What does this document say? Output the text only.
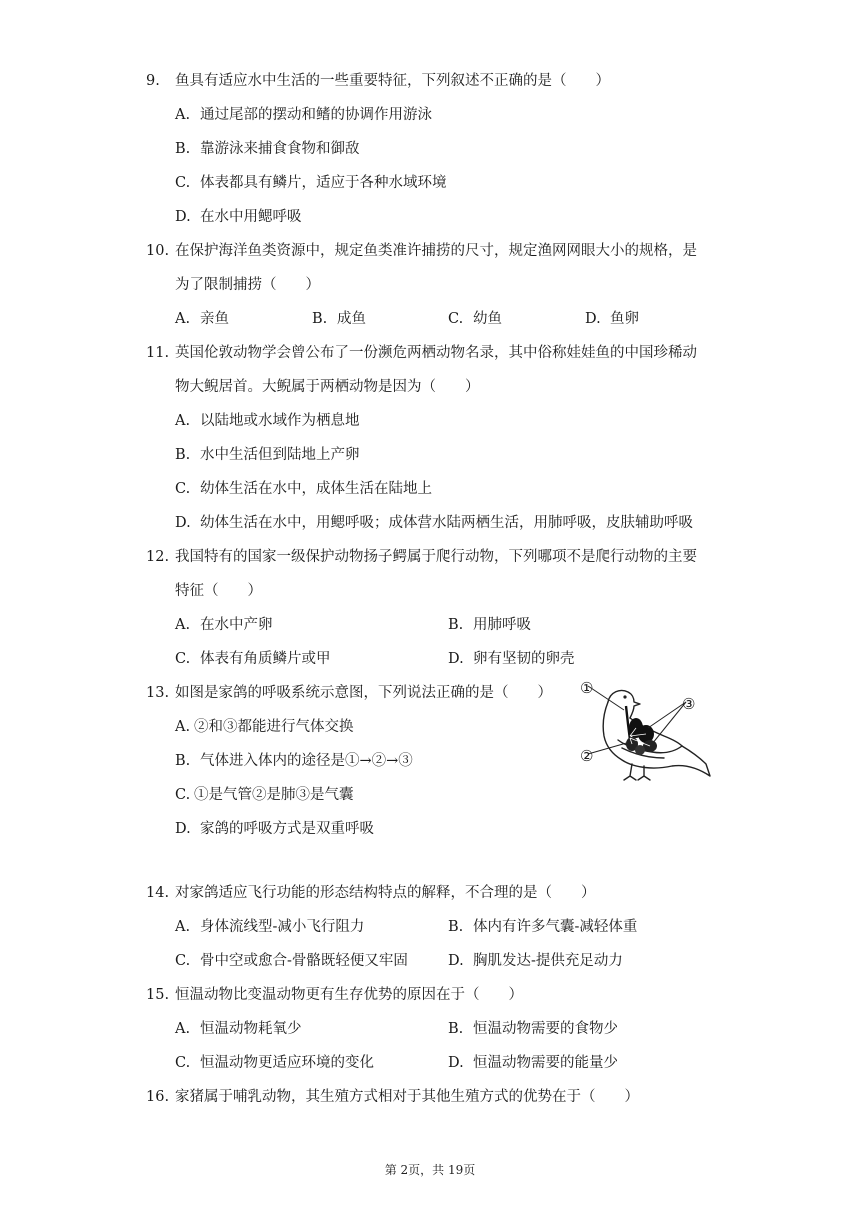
9. 鱼具有适应水中生活的一些重要特征，下列叙述不正确的是（　　）
A. 通过尾部的摆动和鳍的协调作用游泳
B. 靠游泳来捕食食物和御敌
C. 体表都具有鳞片，适应于各种水域环境
D. 在水中用鳃呼吸
10. 在保护海洋鱼类资源中，规定鱼类准许捕捞的尺寸，规定渔网网眼大小的规格，是
为了限制捕捞（　　）
A. 亲鱼	B. 成鱼	C. 幼鱼	D. 鱼卵
11. 英国伦敦动物学会曾公布了一份濒危两栖动物名录，其中俗称娃娃鱼的中国珍稀动
物大鲵居首。大鲵属于两栖动物是因为（　　）
A. 以陆地或水域作为栖息地
B. 水中生活但到陆地上产卵
C. 幼体生活在水中，成体生活在陆地上
D. 幼体生活在水中，用鳃呼吸；成体营水陆两栖生活，用肺呼吸，皮肤辅助呼吸
12. 我国特有的国家一级保护动物扬子鳄属于爬行动物，下列哪项不是爬行动物的主要
特征（　　）
A. 在水中产卵	B. 用肺呼吸
C. 体表有角质鳞片或甲	D. 卵有坚韧的卵壳
13. 如图是家鸽的呼吸系统示意图，下列说法正确的是（　　）
A. ②和③都能进行气体交换
B. 气体进入体内的途径是①→②→③
C. ①是气管②是肺③是气囊
D. 家鸽的呼吸方式是双重呼吸
①
②
③
14. 对家鸽适应飞行功能的形态结构特点的解释，不合理的是（　　）
A. 身体流线型-减小飞行阻力	B. 体内有许多气囊-减轻体重
C. 骨中空或愈合-骨骼既轻便又牢固	D. 胸肌发达-提供充足动力
15. 恒温动物比变温动物更有生存优势的原因在于（　　）
A. 恒温动物耗氧少	B. 恒温动物需要的食物少
C. 恒温动物更适应环境的变化	D. 恒温动物需要的能量少
16. 家猪属于哺乳动物，其生殖方式相对于其他生殖方式的优势在于（　　）
第 2页，共 19页
